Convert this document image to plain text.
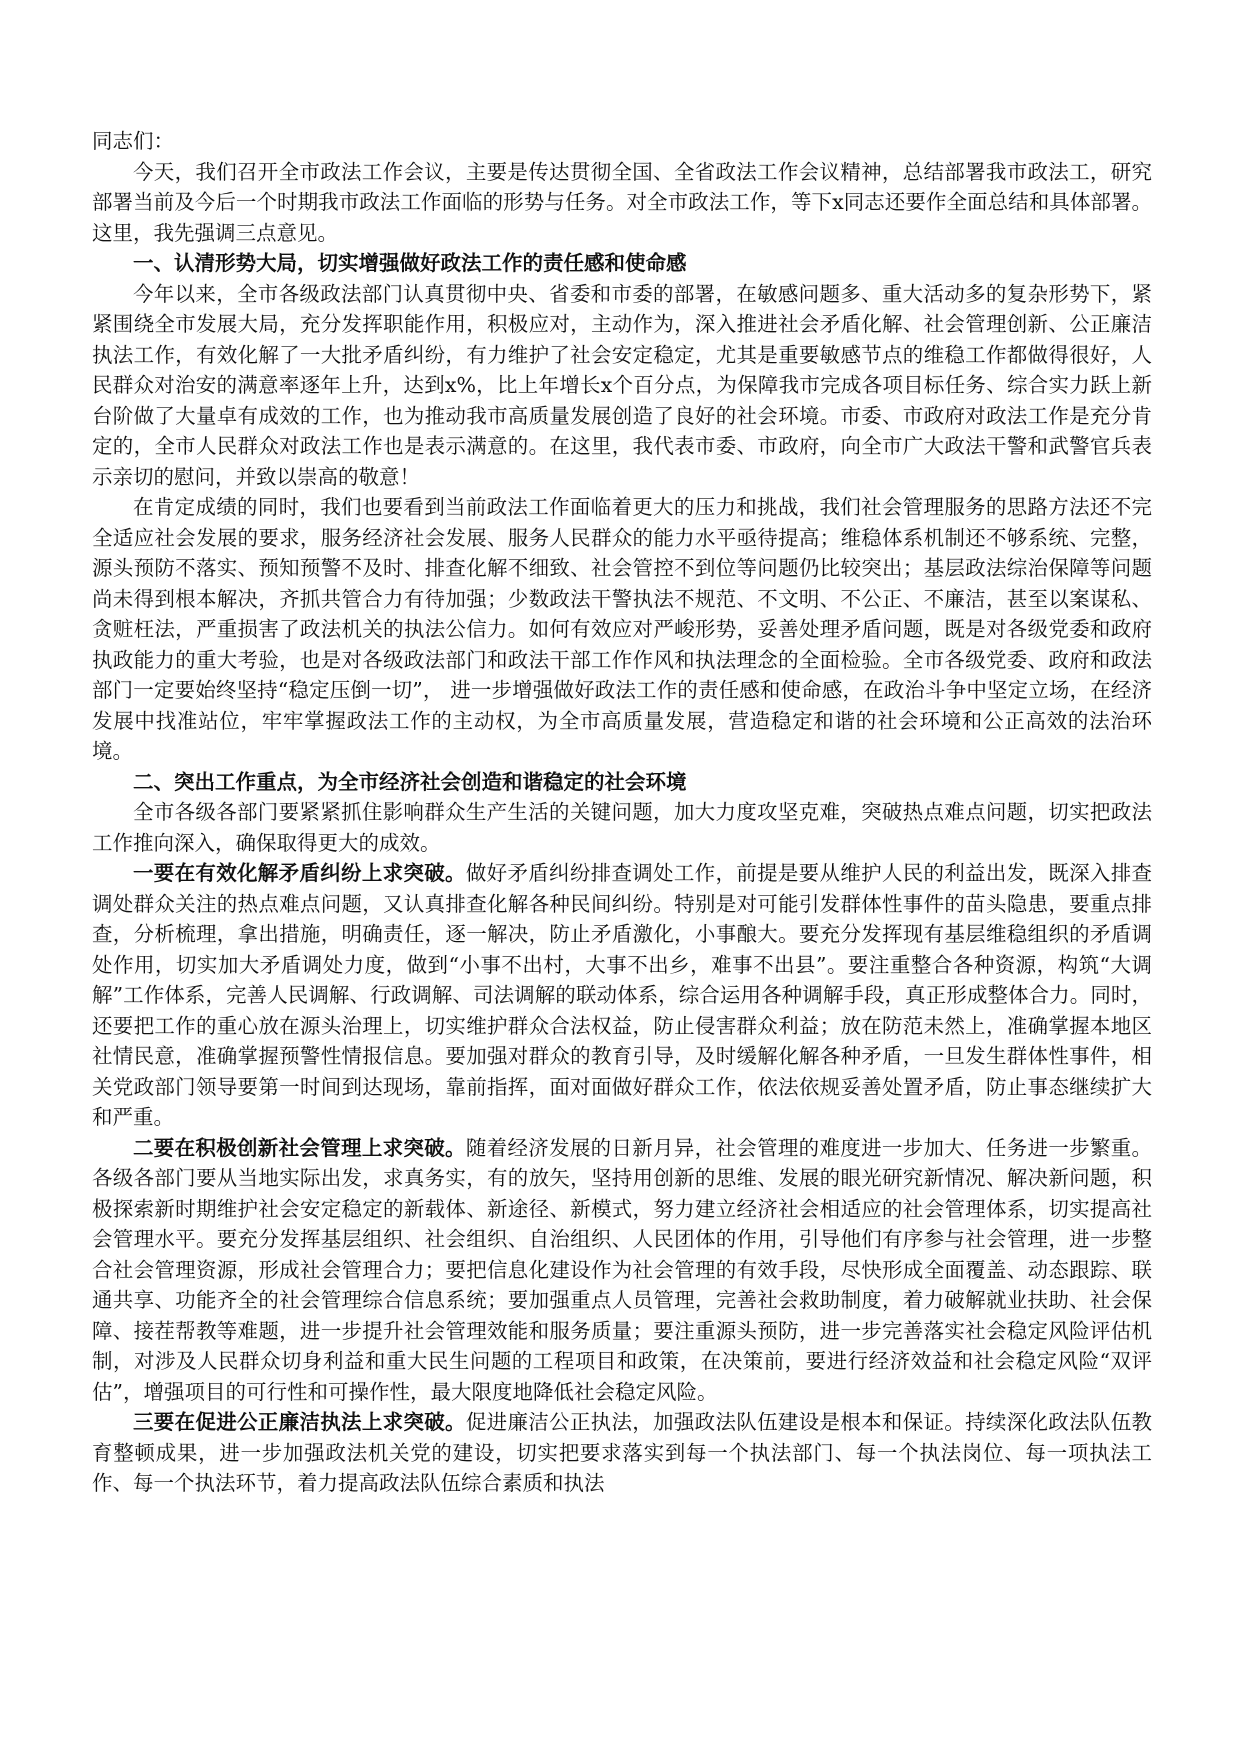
同志们：

今天，我们召开全市政法工作会议，主要是传达贯彻全国、全省政法工作会议精神，总结部署我市政法工，研究部署当前及今后一个时期我市政法工作面临的形势与任务。对全市政法工作，等下x同志还要作全面总结和具体部署。这里，我先强调三点意见。

一、认清形势大局，切实增强做好政法工作的责任感和使命感

今年以来，全市各级政法部门认真贯彻中央、省委和市委的部署，在敏感问题多、重大活动多的复杂形势下，紧紧围绕全市发展大局，充分发挥职能作用，积极应对，主动作为，深入推进社会矛盾化解、社会管理创新、公正廉洁执法工作，有效化解了一大批矛盾纠纷，有力维护了社会安定稳定，尤其是重要敏感节点的维稳工作都做得很好，人民群众对治安的满意率逐年上升，达到x%，比上年增长x个百分点，为保障我市完成各项目标任务、综合实力跃上新台阶做了大量卓有成效的工作，也为推动我市高质量发展创造了良好的社会环境。市委、市政府对政法工作是充分肯定的，全市人民群众对政法工作也是表示满意的。在这里，我代表市委、市政府，向全市广大政法干警和武警官兵表示亲切的慰问，并致以崇高的敬意！

在肯定成绩的同时，我们也要看到当前政法工作面临着更大的压力和挑战，我们社会管理服务的思路方法还不完全适应社会发展的要求，服务经济社会发展、服务人民群众的能力水平亟待提高；维稳体系机制还不够系统、完整，源头预防不落实、预知预警不及时、排查化解不细致、社会管控不到位等问题仍比较突出；基层政法综治保障等问题尚未得到根本解决，齐抓共管合力有待加强；少数政法干警执法不规范、不文明、不公正、不廉洁，甚至以案谋私、贪赃枉法，严重损害了政法机关的执法公信力。如何有效应对严峻形势，妥善处理矛盾问题，既是对各级党委和政府执政能力的重大考验，也是对各级政法部门和政法干部工作作风和执法理念的全面检验。全市各级党委、政府和政法部门一定要始终坚持“稳定压倒一切”， 进一步增强做好政法工作的责任感和使命感，在政治斗争中坚定立场，在经济发展中找准站位，牢牢掌握政法工作的主动权，为全市高质量发展，营造稳定和谐的社会环境和公正高效的法治环境。

二、突出工作重点，为全市经济社会创造和谐稳定的社会环境

全市各级各部门要紧紧抓住影响群众生产生活的关键问题，加大力度攻坚克难，突破热点难点问题，切实把政法工作推向深入，确保取得更大的成效。

一要在有效化解矛盾纠纷上求突破。做好矛盾纠纷排查调处工作，前提是要从维护人民的利益出发，既深入排查调处群众关注的热点难点问题，又认真排查化解各种民间纠纷。特别是对可能引发群体性事件的苗头隐患，要重点排查，分析梳理，拿出措施，明确责任，逐一解决，防止矛盾激化，小事酿大。要充分发挥现有基层维稳组织的矛盾调处作用，切实加大矛盾调处力度，做到“小事不出村，大事不出乡，难事不出县”。要注重整合各种资源，构筑“大调解”工作体系，完善人民调解、行政调解、司法调解的联动体系，综合运用各种调解手段，真正形成整体合力。同时，还要把工作的重心放在源头治理上，切实维护群众合法权益，防止侵害群众利益；放在防范未然上，准确掌握本地区社情民意，准确掌握预警性情报信息。要加强对群众的教育引导，及时缓解化解各种矛盾，一旦发生群体性事件，相关党政部门领导要第一时间到达现场，靠前指挥，面对面做好群众工作，依法依规妥善处置矛盾，防止事态继续扩大和严重。

二要在积极创新社会管理上求突破。随着经济发展的日新月异，社会管理的难度进一步加大、任务进一步繁重。各级各部门要从当地实际出发，求真务实，有的放矢，坚持用创新的思维、发展的眼光研究新情况、解决新问题，积极探索新时期维护社会安定稳定的新载体、新途径、新模式，努力建立经济社会相适应的社会管理体系，切实提高社会管理水平。要充分发挥基层组织、社会组织、自治组织、人民团体的作用，引导他们有序参与社会管理，进一步整合社会管理资源，形成社会管理合力；要把信息化建设作为社会管理的有效手段，尽快形成全面覆盖、动态跟踪、联通共享、功能齐全的社会管理综合信息系统；要加强重点人员管理，完善社会救助制度，着力破解就业扶助、社会保障、接茬帮教等难题，进一步提升社会管理效能和服务质量；要注重源头预防，进一步完善落实社会稳定风险评估机制，对涉及人民群众切身利益和重大民生问题的工程项目和政策，在决策前，要进行经济效益和社会稳定风险“双评估”，增强项目的可行性和可操作性，最大限度地降低社会稳定风险。

三要在促进公正廉洁执法上求突破。促进廉洁公正执法，加强政法队伍建设是根本和保证。持续深化政法队伍教育整顿成果，进一步加强政法机关党的建设，切实把要求落实到每一个执法部门、每一个执法岗位、每一项执法工作、每一个执法环节，着力提高政法队伍综合素质和执法
